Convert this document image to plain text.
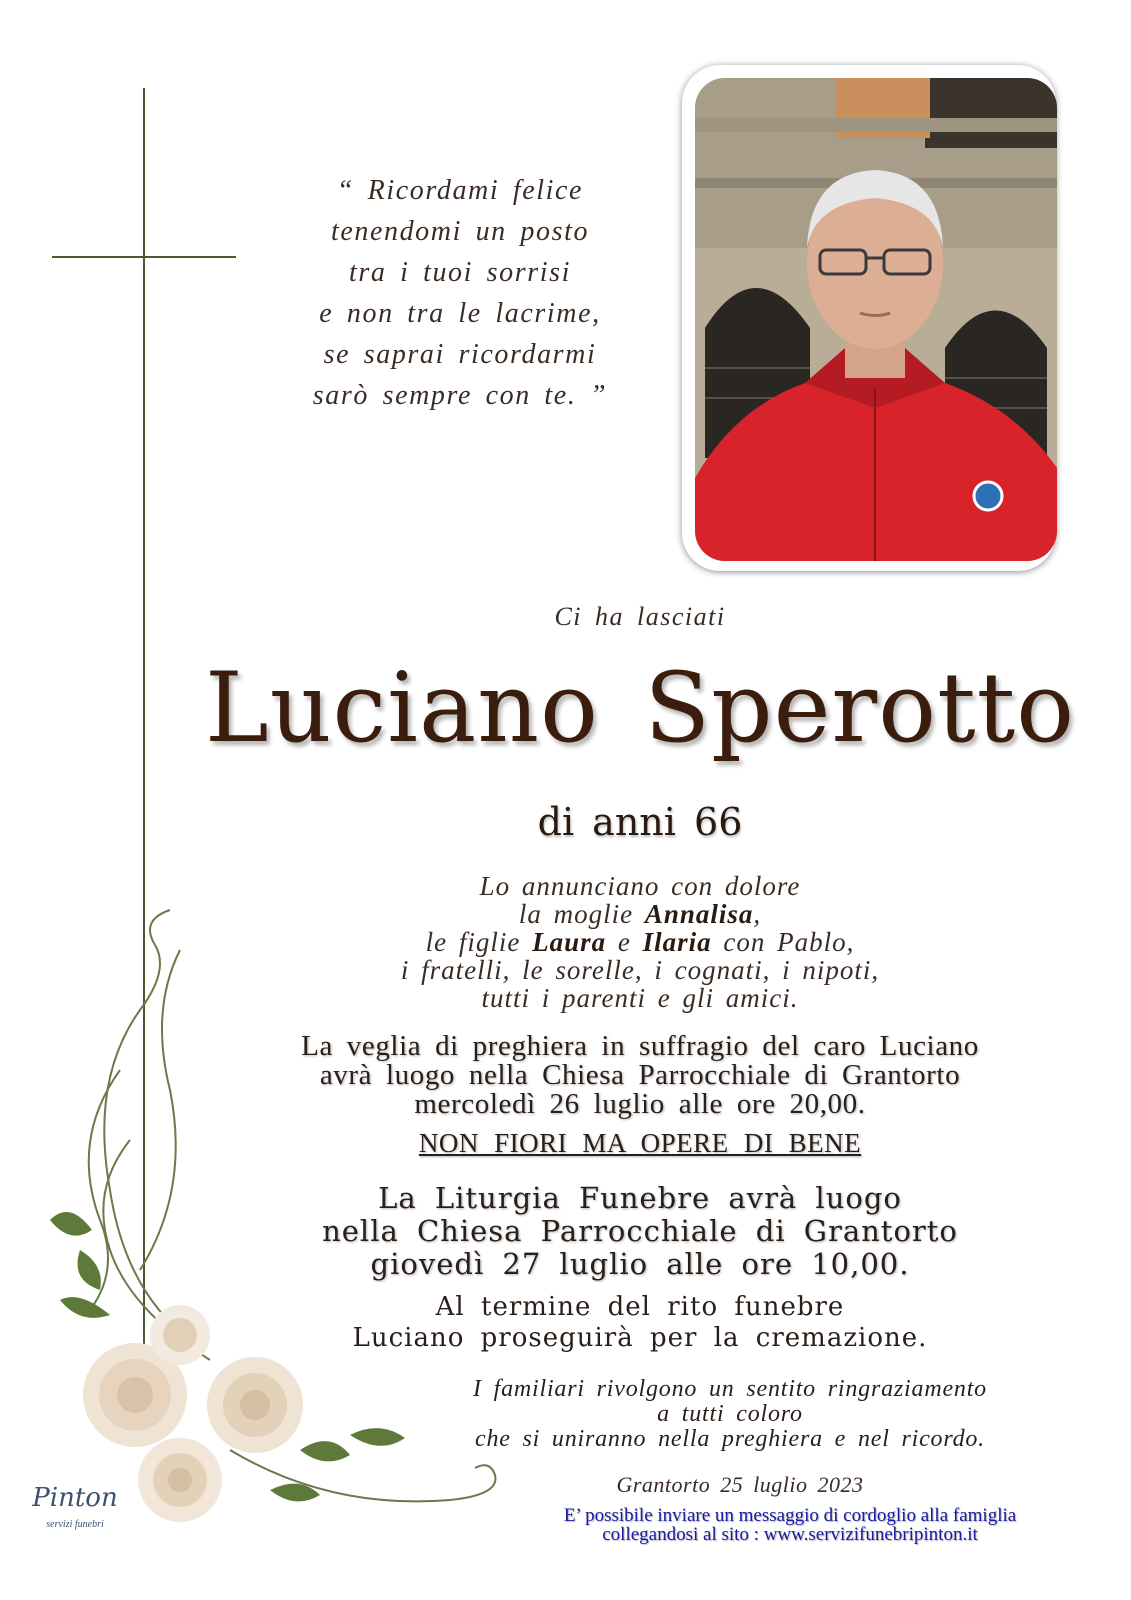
“ Ricordami felice
tenendomi un posto
tra i tuoi sorrisi
e non tra le lacrime,
se saprai ricordarmi
sarò sempre con te. ”
Ci ha lasciati
Luciano Sperotto
di anni 66
Lo annunciano con dolore
la moglie Annalisa,
le figlie Laura e Ilaria con Pablo,
i fratelli, le sorelle, i cognati, i nipoti,
tutti i parenti e gli amici.
La veglia di preghiera in suffragio del caro Luciano
avrà luogo nella Chiesa Parrocchiale di Grantorto
mercoledì 26 luglio alle ore 20,00.
NON FIORI MA OPERE DI BENE
La Liturgia Funebre avrà luogo
nella Chiesa Parrocchiale di Grantorto
giovedì 27 luglio alle ore 10,00.
Al termine del rito funebre
Luciano proseguirà per la cremazione.
I familiari rivolgono un sentito ringraziamento
a tutti coloro
che si uniranno nella preghiera e nel ricordo.
Grantorto 25 luglio 2023
E’ possibile inviare un messaggio di cordoglio alla famiglia
collegandosi al sito : www.servizifunebripinton.it
Pinton
servizi funebri
